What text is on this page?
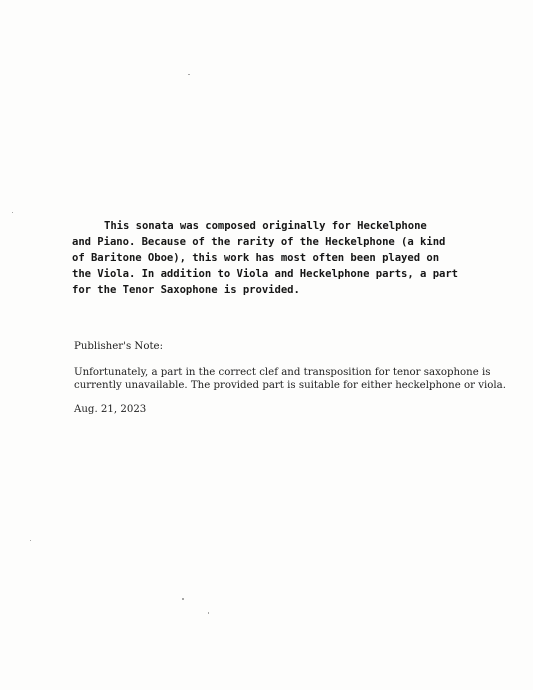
This sonata was composed originally for Heckelphone
and Piano. Because of the rarity of the Heckelphone (a kind
of Baritone Oboe), this work has most often been played on
the Viola. In addition to Viola and Heckelphone parts, a part
for the Tenor Saxophone is provided.
Publisher's Note:
Unfortunately, a part in the correct clef and transposition for tenor saxophone is
currently unavailable. The provided part is suitable for either heckelphone or viola.
Aug. 21, 2023
